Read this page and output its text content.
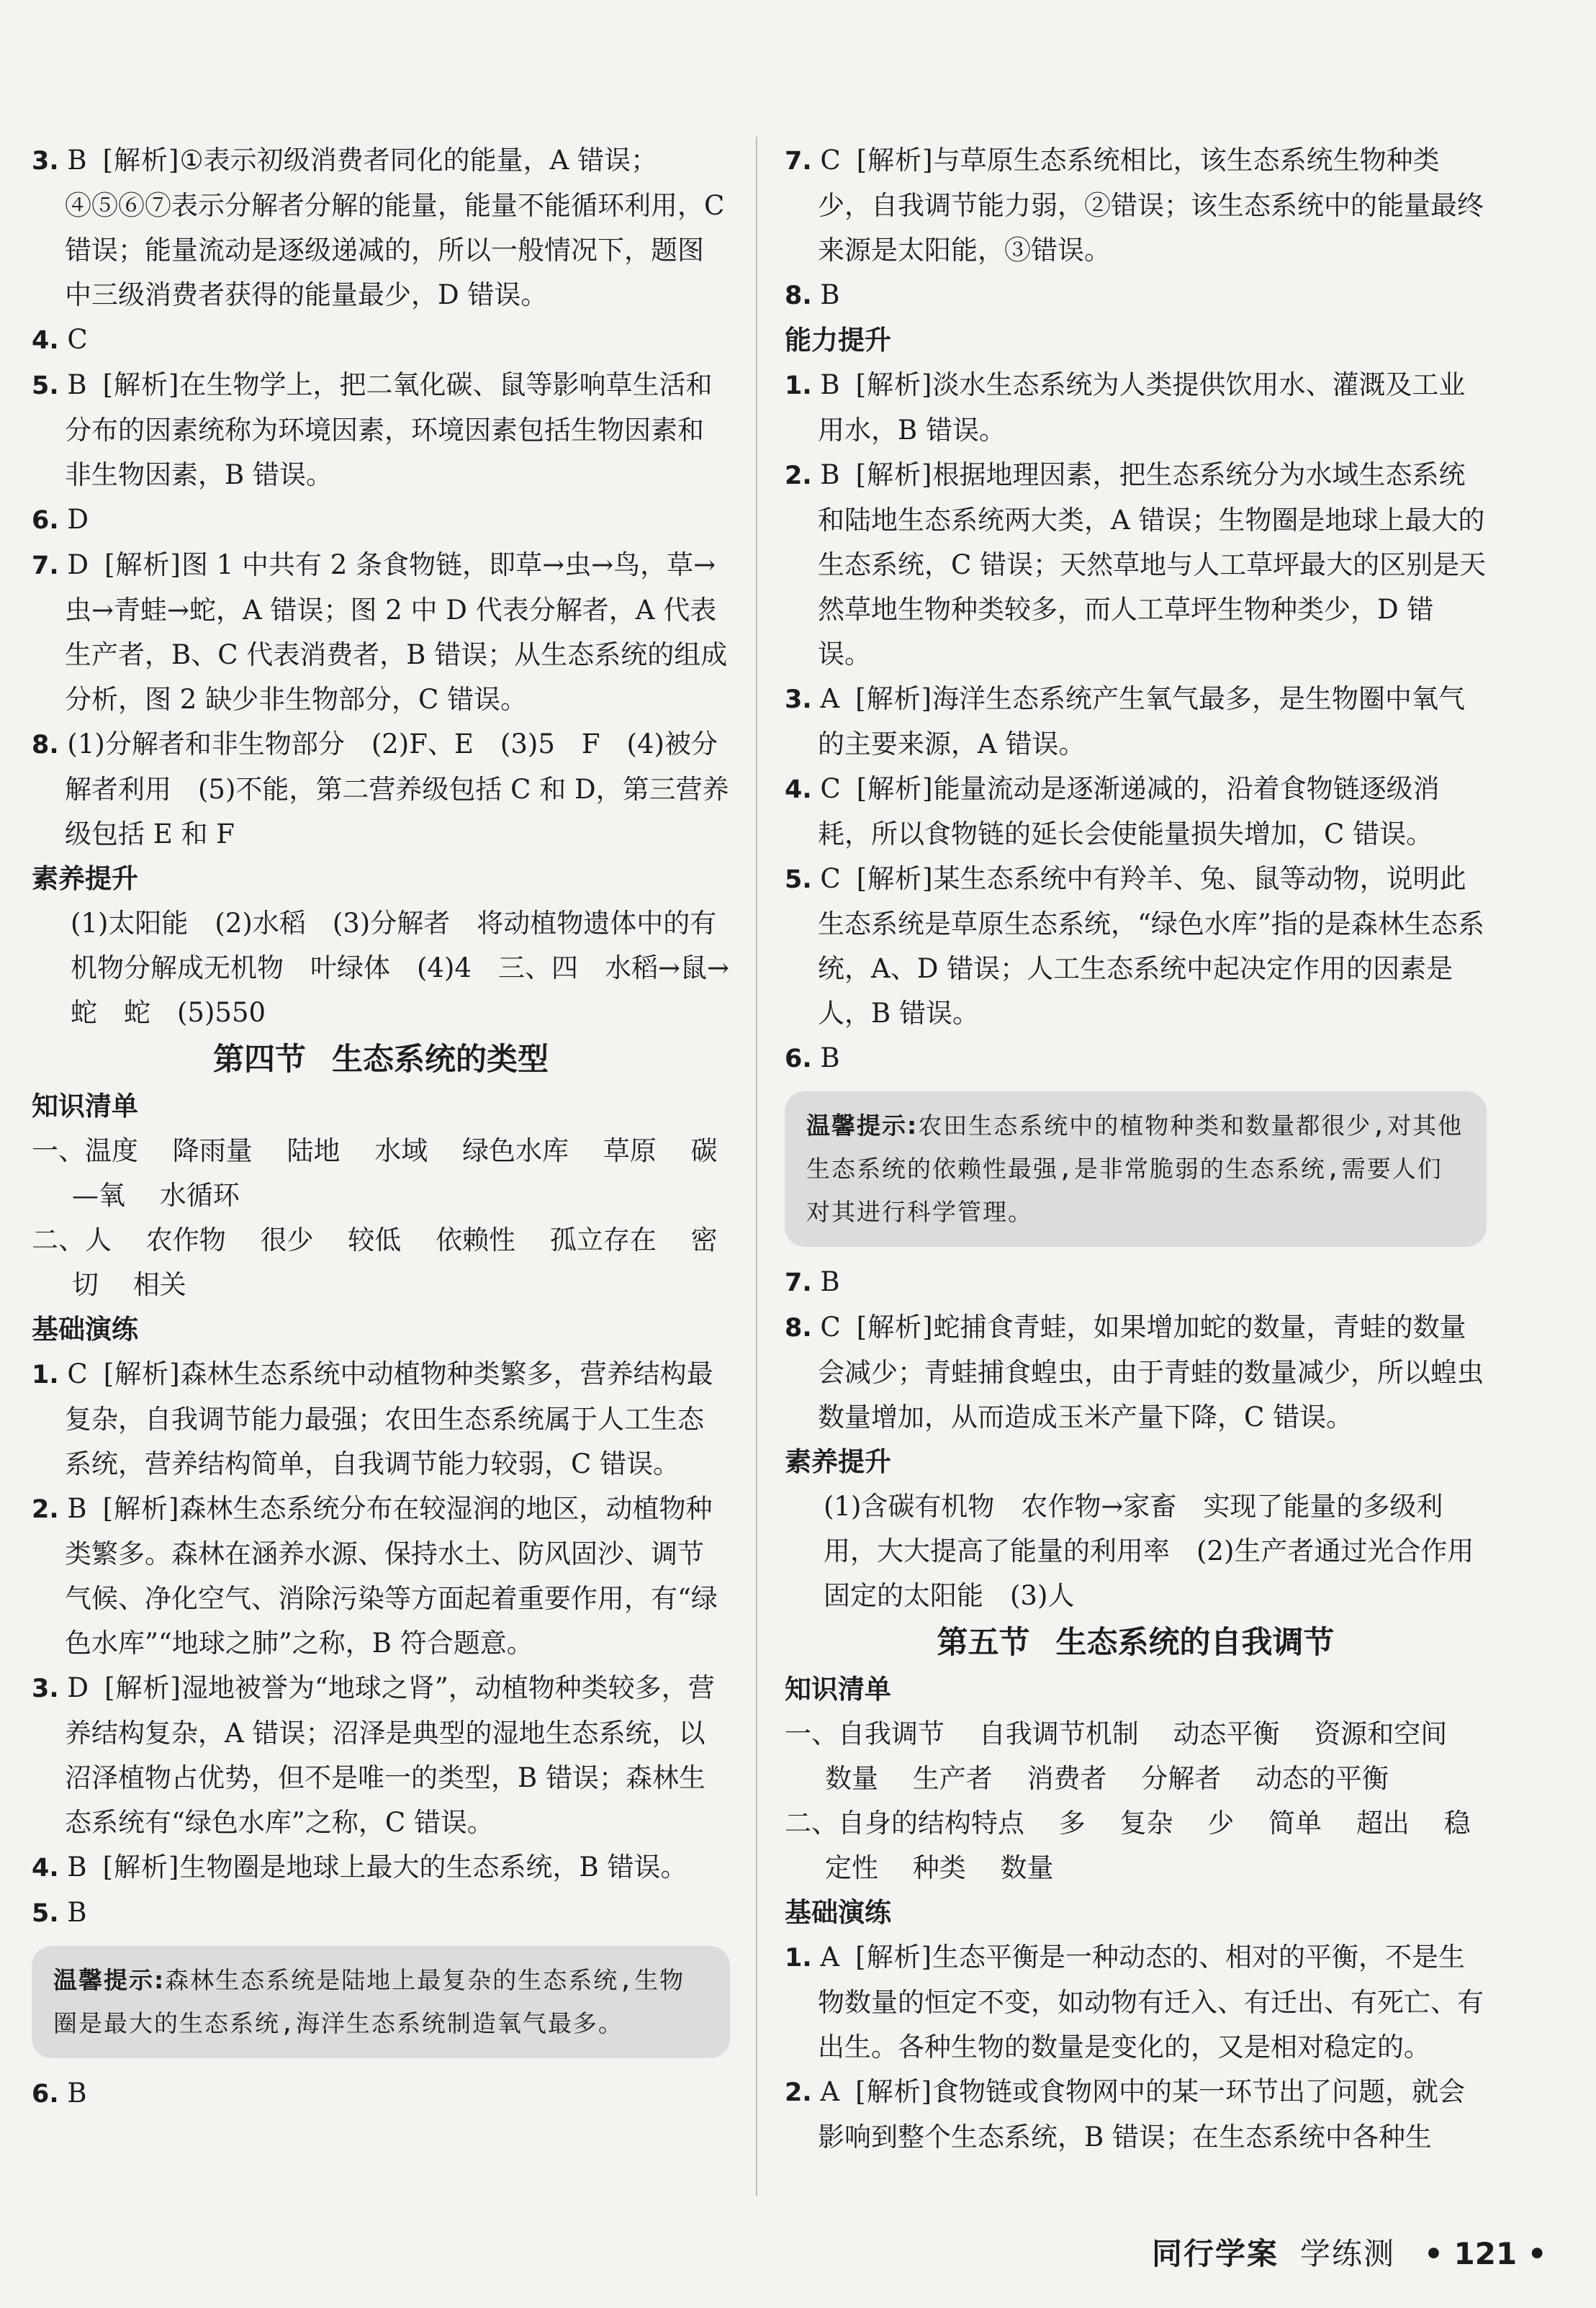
3. B [解析]①表示初级消费者同化的能量，A 错误；④⑤⑥⑦表示分解者分解的能量，能量不能循环利用，C 错误；能量流动是逐级递减的，所以一般情况下，题图中三级消费者获得的能量最少，D 错误。

4. C

5. B [解析]在生物学上，把二氧化碳、鼠等影响草生活和分布的因素统称为环境因素，环境因素包括生物因素和非生物因素，B 错误。

6. D

7. D [解析]图 1 中共有 2 条食物链，即草→虫→鸟，草→虫→青蛙→蛇，A 错误；图 2 中 D 代表分解者，A 代表生产者，B、C 代表消费者，B 错误；从生态系统的组成分析，图 2 缺少非生物部分，C 错误。

8. (1)分解者和非生物部分　(2)F、E　(3)5　F　(4)被分解者利用　(5)不能，第二营养级包括 C 和 D，第三营养级包括 E 和 F

素养提升

(1)太阳能　(2)水稻　(3)分解者　将动植物遗体中的有机物分解成无机物　叶绿体　(4)4　三、四　水稻→鼠→蛇　蛇　(5)550

第四节 生态系统的类型

知识清单

一、温度 降雨量 陆地 水域 绿色水库 草原 碳—氧 水循环

二、人 农作物 很少 较低 依赖性 孤立存在 密切 相关

基础演练

1. C [解析]森林生态系统中动植物种类繁多，营养结构最复杂，自我调节能力最强；农田生态系统属于人工生态系统，营养结构简单，自我调节能力较弱，C 错误。

2. B [解析]森林生态系统分布在较湿润的地区，动植物种类繁多。森林在涵养水源、保持水土、防风固沙、调节气候、净化空气、消除污染等方面起着重要作用，有“绿色水库”“地球之肺”之称，B 符合题意。

3. D [解析]湿地被誉为“地球之肾”，动植物种类较多，营养结构复杂，A 错误；沼泽是典型的湿地生态系统，以沼泽植物占优势，但不是唯一的类型，B 错误；森林生态系统有“绿色水库”之称，C 错误。

4. B [解析]生物圈是地球上最大的生态系统，B 错误。

5. B

温馨提示:森林生态系统是陆地上最复杂的生态系统,生物圈是最大的生态系统,海洋生态系统制造氧气最多。

6. B

7. C [解析]与草原生态系统相比，该生态系统生物种类少，自我调节能力弱，②错误；该生态系统中的能量最终来源是太阳能，③错误。

8. B

能力提升

1. B [解析]淡水生态系统为人类提供饮用水、灌溉及工业用水，B 错误。

2. B [解析]根据地理因素，把生态系统分为水域生态系统和陆地生态系统两大类，A 错误；生物圈是地球上最大的生态系统，C 错误；天然草地与人工草坪最大的区别是天然草地生物种类较多，而人工草坪生物种类少，D 错误。

3. A [解析]海洋生态系统产生氧气最多，是生物圈中氧气的主要来源，A 错误。

4. C [解析]能量流动是逐渐递减的，沿着食物链逐级消耗，所以食物链的延长会使能量损失增加，C 错误。

5. C [解析]某生态系统中有羚羊、兔、鼠等动物，说明此生态系统是草原生态系统，“绿色水库”指的是森林生态系统，A、D 错误；人工生态系统中起决定作用的因素是人，B 错误。

6. B

温馨提示:农田生态系统中的植物种类和数量都很少,对其他生态系统的依赖性最强,是非常脆弱的生态系统,需要人们对其进行科学管理。

7. B

8. C [解析]蛇捕食青蛙，如果增加蛇的数量，青蛙的数量会减少；青蛙捕食蝗虫，由于青蛙的数量减少，所以蝗虫数量增加，从而造成玉米产量下降，C 错误。

素养提升

(1)含碳有机物　农作物→家畜　实现了能量的多级利用，大大提高了能量的利用率　(2)生产者通过光合作用固定的太阳能　(3)人

第五节 生态系统的自我调节

知识清单

一、自我调节 自我调节机制 动态平衡 资源和空间 数量 生产者 消费者 分解者 动态的平衡

二、自身的结构特点 多 复杂 少 简单 超出 稳定性 种类 数量

基础演练

1. A [解析]生态平衡是一种动态的、相对的平衡，不是生物数量的恒定不变，如动物有迁入、有迁出、有死亡、有出生。各种生物的数量是变化的，又是相对稳定的。

2. A [解析]食物链或食物网中的某一环节出了问题，就会影响到整个生态系统，B 错误；在生态系统中各种生

同行学案 学练测 • 121 •
